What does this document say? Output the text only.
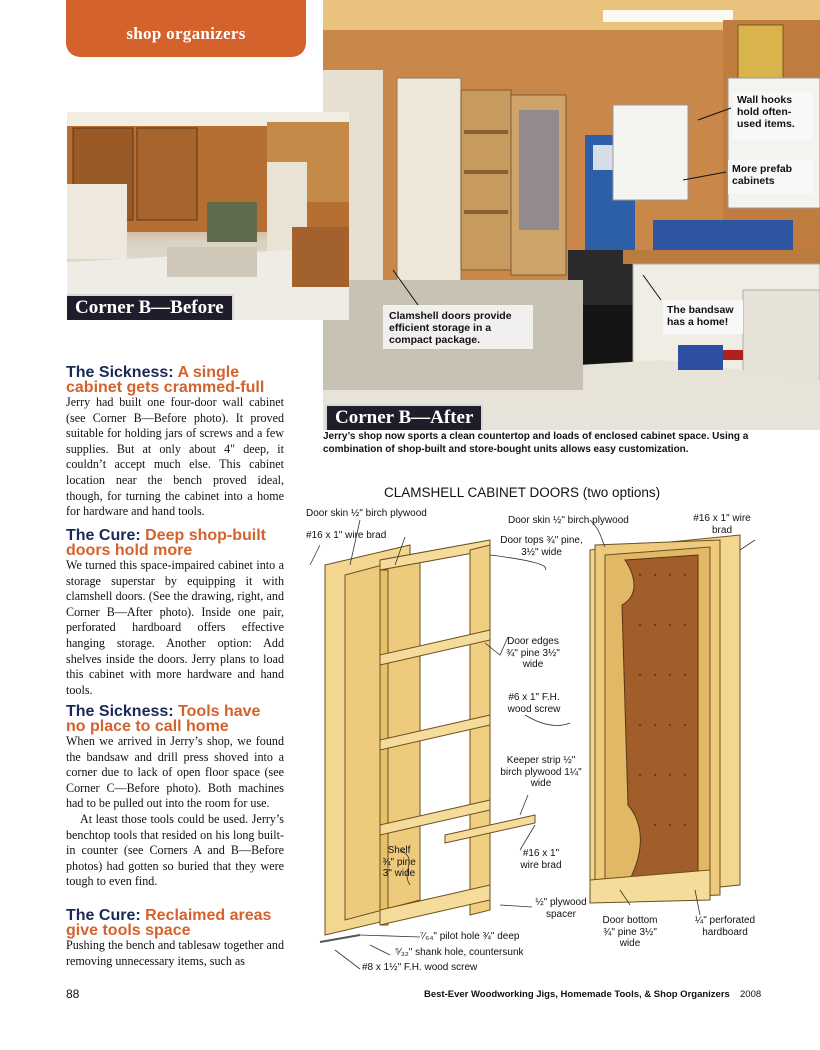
shop organizers
Wall hooks hold often-used items.
More prefab cabinets
The bandsaw has a home!
Clamshell doors provide efficient storage in a compact package.
Corner B—After
Corner B—Before
Jerry’s shop now sports a clean countertop and loads of enclosed cabinet space. Using a combination of shop-built and store-bought units allows easy customization.

The Sickness: A single cabinet gets crammed-full

Jerry had built one four-door wall cabinet (see Corner B—Before photo). It proved suitable for holding jars of screws and a few supplies. But at only about 4" deep, it couldn’t accept much else. This cabinet location near the bench proved ideal, though, for turning the cabinet into a home for hardware and hand tools.

The Cure: Deep shop-built doors hold more

We turned this space-impaired cabinet into a storage superstar by equipping it with clamshell doors. (See the drawing, right, and Corner B—After photo). Inside one pair, perforated hardboard offers effective hanging storage. Another option: Add shelves inside the doors. Jerry plans to load this cabinet with more hardware and hand tools.

The Sickness: Tools have no place to call home

When we arrived in Jerry’s shop, we found the bandsaw and drill press shoved into a corner due to lack of open floor space (see Corner C—Before photo). Both machines had to be pulled out into the room for use.

At least those tools could be used. Jerry’s benchtop tools that resided on his long built-in counter (see Corners A and B—Before photos) had gotten so buried that they were tough to even find.

The Cure: Reclaimed areas give tools space

Pushing the bench and tablesaw together and removing unnecessary items, such as

CLAMSHELL CABINET DOORS (two options)
Door skin ½" birch plywood
#16 x 1" wire brad
Door skin ½" birch plywood	#16 x 1" wire brad
Door tops ¾" pine, 3½" wide
Door edges ¾" pine 3½" wide
#6 x 1" F.H. wood screw
Keeper strip ½" birch plywood 1¼" wide
Shelf ¾" pine 3" wide
#16 x 1" wire brad
½" plywood spacer
Door bottom ¾" pine 3½" wide
¼" perforated hardboard
⁷⁄₆₄" pilot hole ¾" deep
⁵⁄₃₂" shank hole, countersunk
#8 x 1½" F.H. wood screw
88	Best-Ever Woodworking Jigs, Homemade Tools, & Shop Organizers 2008
